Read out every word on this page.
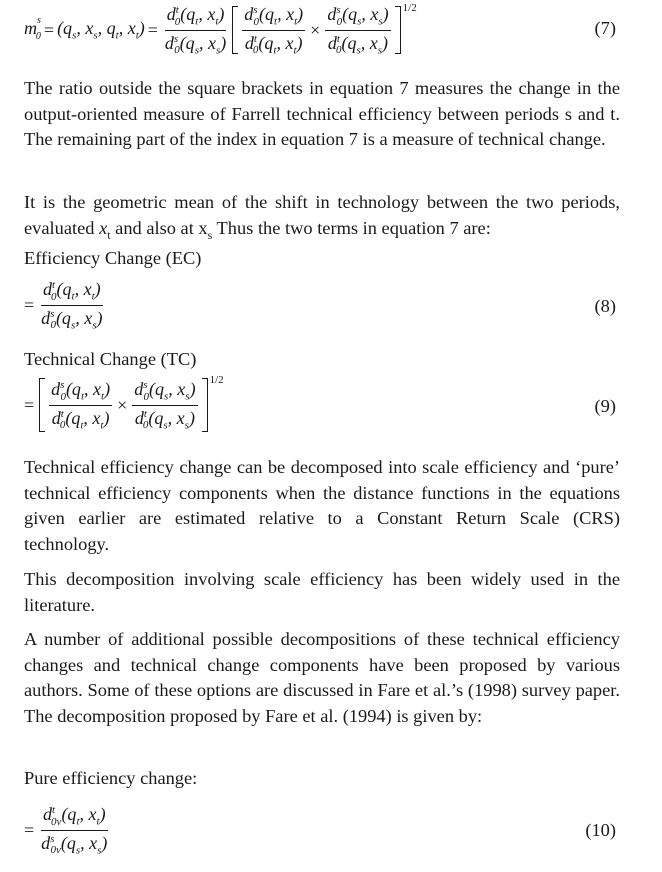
$m^s_0 = (q_s$, $x_s$, $q_t$, $x_t) = \frac{d^t_0(q_t, x_t)}{d^s_0(q_s, x_s)} \frac{d^s_0(q_t, x_t)}{d^t_0(q_t, x_t)} \times \frac{d^s_0(q_s, x_s)}{d^t_0(q_s, x_s)} 1/2$
(7)

The ratio outside the square brackets in equation 7 measures the change in the output-oriented measure of Farrell technical efficiency between periods s and t. The remaining part of the index in equation 7 is a measure of technical change.

It is the geometric mean of the shift in technology between the two periods, evaluated $x_t$ and also at $x_s$ Thus the two terms in equation 7 are:

Efficiency Change (EC)

= $\frac{d^t_0(q_t, x_t)}{d^s_0(q_s, x_s)}$	(8)

Technical Change (TC)

= $\frac{d^s_0(q_t, x_t)}{d^t_0(q_t, x_t)} \times \frac{d^s_0(q_s, x_s)}{d^t_0(q_s, x_s)} 1/2$
(9)

Technical efficiency change can be decomposed into scale efficiency and ‘pure’ technical efficiency components when the distance functions in the equations given earlier are estimated relative to a Constant Return Scale (CRS) technology.

This decomposition involving scale efficiency has been widely used in the literature.

A number of additional possible decompositions of these technical efficiency changes and technical change components have been proposed by various authors. Some of these options are discussed in Fare et al.’s (1998) survey paper. The decomposition proposed by Fare et al. (1994) is given by:

Pure efficiency change:

= $\frac{d^t_{0v}(q_t, x_t)}{d^s_{0v}(q_s, x_s)}$	(10)
